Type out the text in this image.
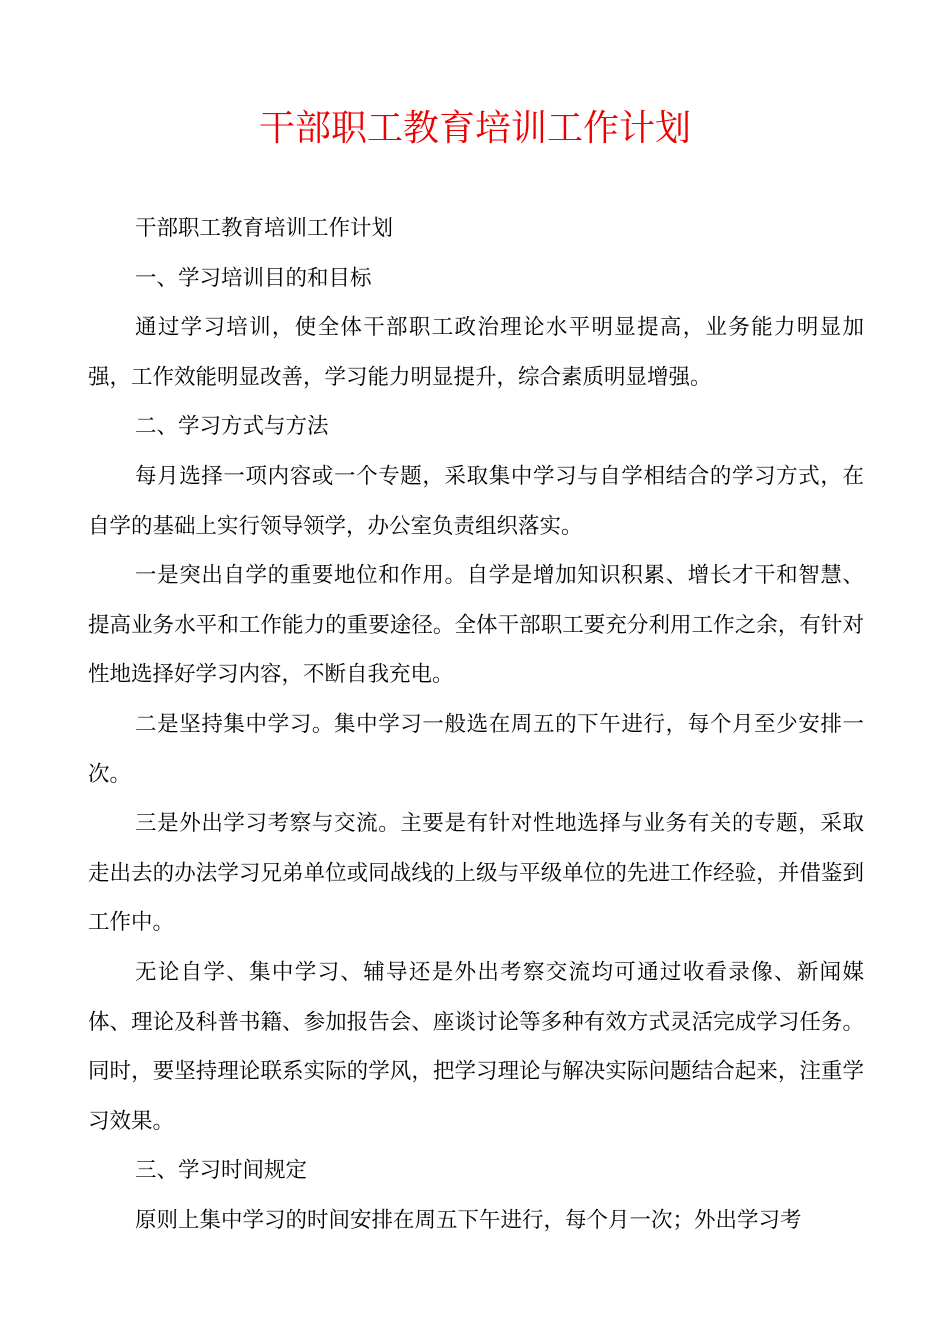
干部职工教育培训工作计划

干部职工教育培训工作计划

一、学习培训目的和目标

通过学习培训，使全体干部职工政治理论水平明显提高，业务能力明显加强，工作效能明显改善，学习能力明显提升，综合素质明显增强。

二、学习方式与方法

每月选择一项内容或一个专题，采取集中学习与自学相结合的学习方式，在自学的基础上实行领导领学，办公室负责组织落实。

一是突出自学的重要地位和作用。自学是增加知识积累、增长才干和智慧、提高业务水平和工作能力的重要途径。全体干部职工要充分利用工作之余，有针对性地选择好学习内容，不断自我充电。

二是坚持集中学习。集中学习一般选在周五的下午进行，每个月至少安排一次。

三是外出学习考察与交流。主要是有针对性地选择与业务有关的专题，采取走出去的办法学习兄弟单位或同战线的上级与平级单位的先进工作经验，并借鉴到工作中。

无论自学、集中学习、辅导还是外出考察交流均可通过收看录像、新闻媒体、理论及科普书籍、参加报告会、座谈讨论等多种有效方式灵活完成学习任务。同时，要坚持理论联系实际的学风，把学习理论与解决实际问题结合起来，注重学习效果。

三、学习时间规定

原则上集中学习的时间安排在周五下午进行，每个月一次；外出学习考
